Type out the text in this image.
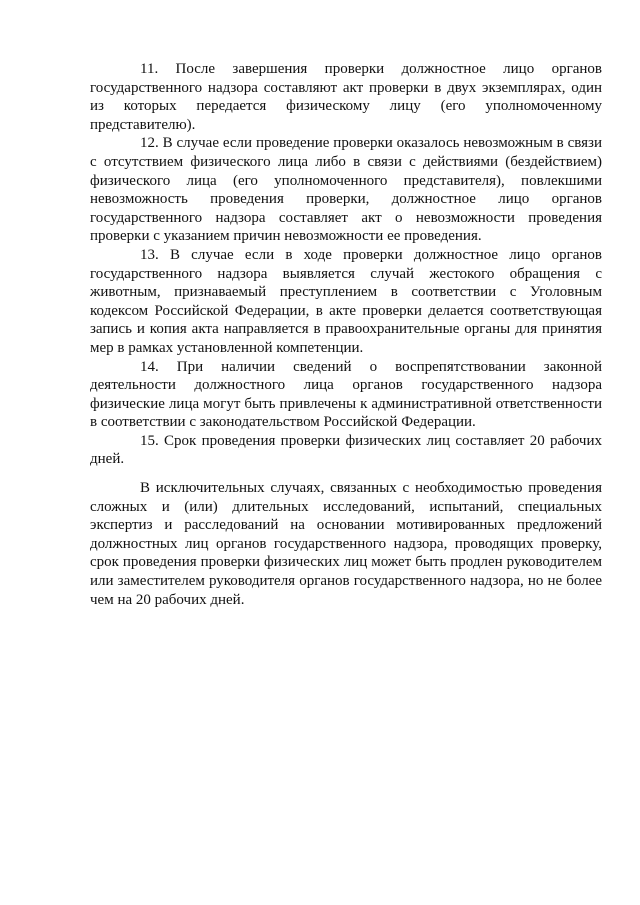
11. После завершения проверки должностное лицо органов государственного надзора составляют акт проверки в двух экземплярах, один из которых передается физическому лицу (его уполномоченному представителю).

12. В случае если проведение проверки оказалось невозможным в связи с отсутствием физического лица либо в связи с действиями (бездействием) физического лица (его уполномоченного представителя), повлекшими невозможность проведения проверки, должностное лицо органов государственного надзора составляет акт о невозможности проведения проверки с указанием причин невозможности ее проведения.

13. В случае если в ходе проверки должностное лицо органов государственного надзора выявляется случай жестокого обращения с животным, признаваемый преступлением в соответствии с Уголовным кодексом Российской Федерации, в акте проверки делается соответствующая запись и копия акта направляется в правоохранительные органы для принятия мер в рамках установленной компетенции.

14. При наличии сведений о воспрепятствовании законной деятельности должностного лица органов государственного надзора физические лица могут быть привлечены к административной ответственности в соответствии с законодательством Российской Федерации.

15. Срок проведения проверки физических лиц составляет 20 рабочих дней.

В исключительных случаях, связанных с необходимостью проведения сложных и (или) длительных исследований, испытаний, специальных экспертиз и расследований на основании мотивированных предложений должностных лиц органов государственного надзора, проводящих проверку, срок проведения проверки физических лиц может быть продлен руководителем или заместителем руководителя органов государственного надзора, но не более чем на 20 рабочих дней.
